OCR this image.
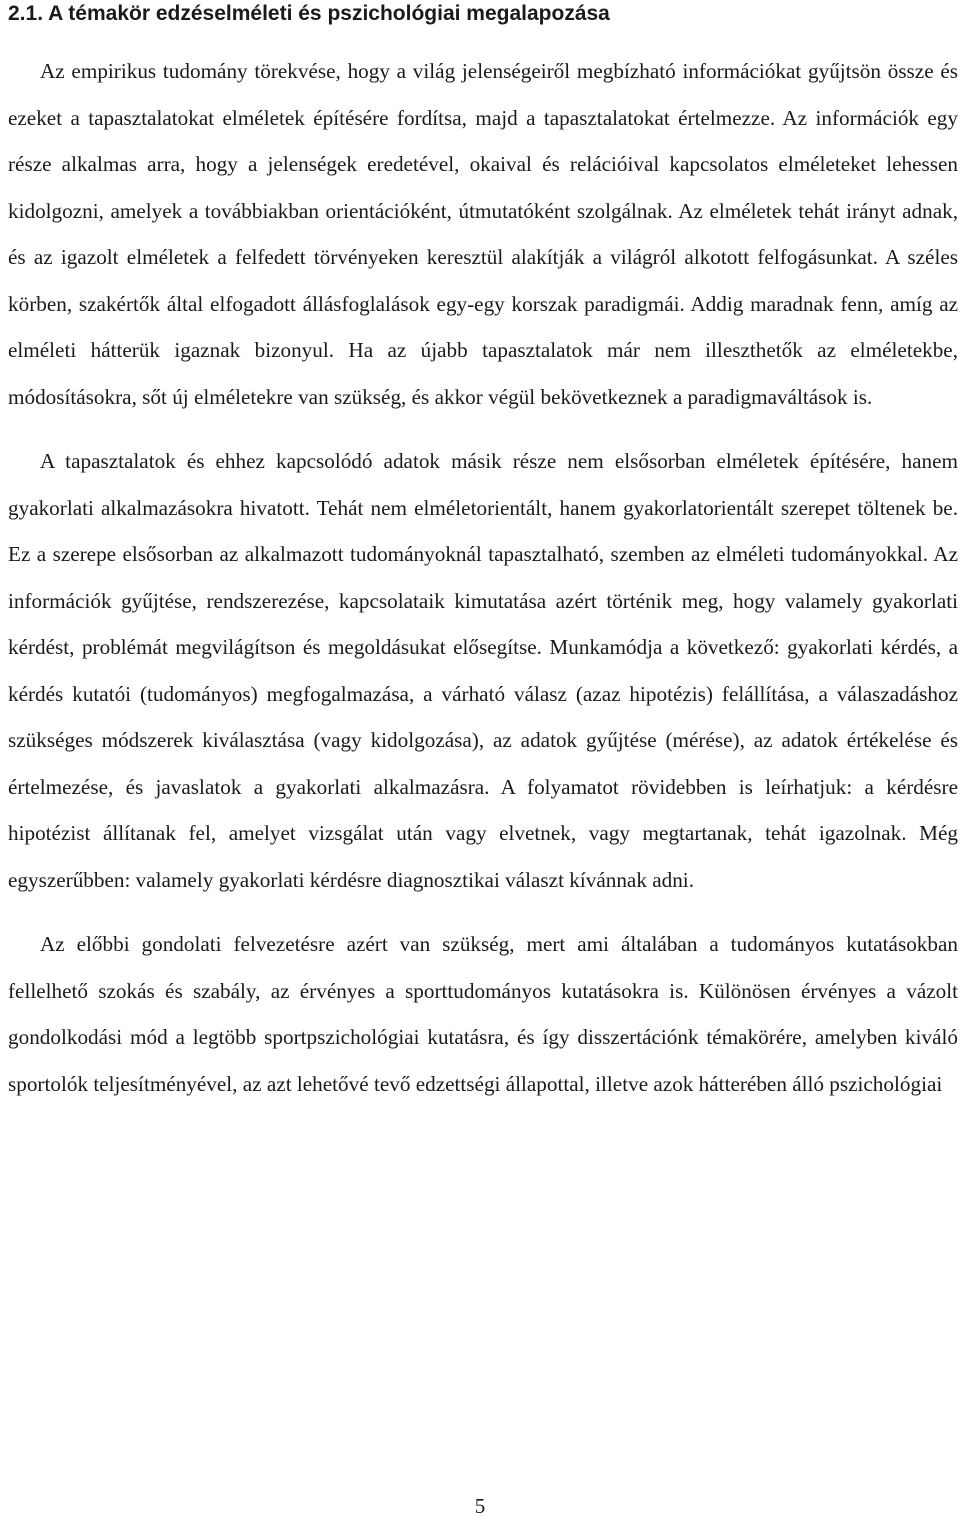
2.1. A témakör edzéselméleti és pszichológiai megalapozása

Az empirikus tudomány törekvése, hogy a világ jelenségeiről megbízható információkat gyűjtsön össze és ezeket a tapasztalatokat elméletek építésére fordítsa, majd a tapasztalatokat értelmezze. Az információk egy része alkalmas arra, hogy a jelenségek eredetével, okaival és relációival kapcsolatos elméleteket lehessen kidolgozni, amelyek a továbbiakban orientációként, útmutatóként szolgálnak. Az elméletek tehát irányt adnak, és az igazolt elméletek a felfedett törvényeken keresztül alakítják a világról alkotott felfogásunkat. A széles körben, szakértők által elfogadott állásfoglalások egy-egy korszak paradigmái. Addig maradnak fenn, amíg az elméleti hátterük igaznak bizonyul. Ha az újabb tapasztalatok már nem illeszthetők az elméletekbe, módosításokra, sőt új elméletekre van szükség, és akkor végül bekövetkeznek a paradigmaváltások is.

A tapasztalatok és ehhez kapcsolódó adatok másik része nem elsősorban elméletek építésére, hanem gyakorlati alkalmazásokra hivatott. Tehát nem elméletorientált, hanem gyakorlatorientált szerepet töltenek be. Ez a szerepe elsősorban az alkalmazott tudományoknál tapasztalható, szemben az elméleti tudományokkal. Az információk gyűjtése, rendszerezése, kapcsolataik kimutatása azért történik meg, hogy valamely gyakorlati kérdést, problémát megvilágítson és megoldásukat elősegítse. Munkamódja a következő: gyakorlati kérdés, a kérdés kutatói (tudományos) megfogalmazása, a várható válasz (azaz hipotézis) felállítása, a válaszadáshoz szükséges módszerek kiválasztása (vagy kidolgozása), az adatok gyűjtése (mérése), az adatok értékelése és értelmezése, és javaslatok a gyakorlati alkalmazásra. A folyamatot rövidebben is leírhatjuk: a kérdésre hipotézist állítanak fel, amelyet vizsgálat után vagy elvetnek, vagy megtartanak, tehát igazolnak. Még egyszerűbben: valamely gyakorlati kérdésre diagnosztikai választ kívánnak adni.

Az előbbi gondolati felvezetésre azért van szükség, mert ami általában a tudományos kutatásokban fellelhető szokás és szabály, az érvényes a sporttudományos kutatásokra is. Különösen érvényes a vázolt gondolkodási mód a legtöbb sportpszichológiai kutatásra, és így disszertációnk témakörére, amelyben kiváló sportolók teljesítményével, az azt lehetővé tevő edzettségi állapottal, illetve azok hátterében álló pszichológiai

5
